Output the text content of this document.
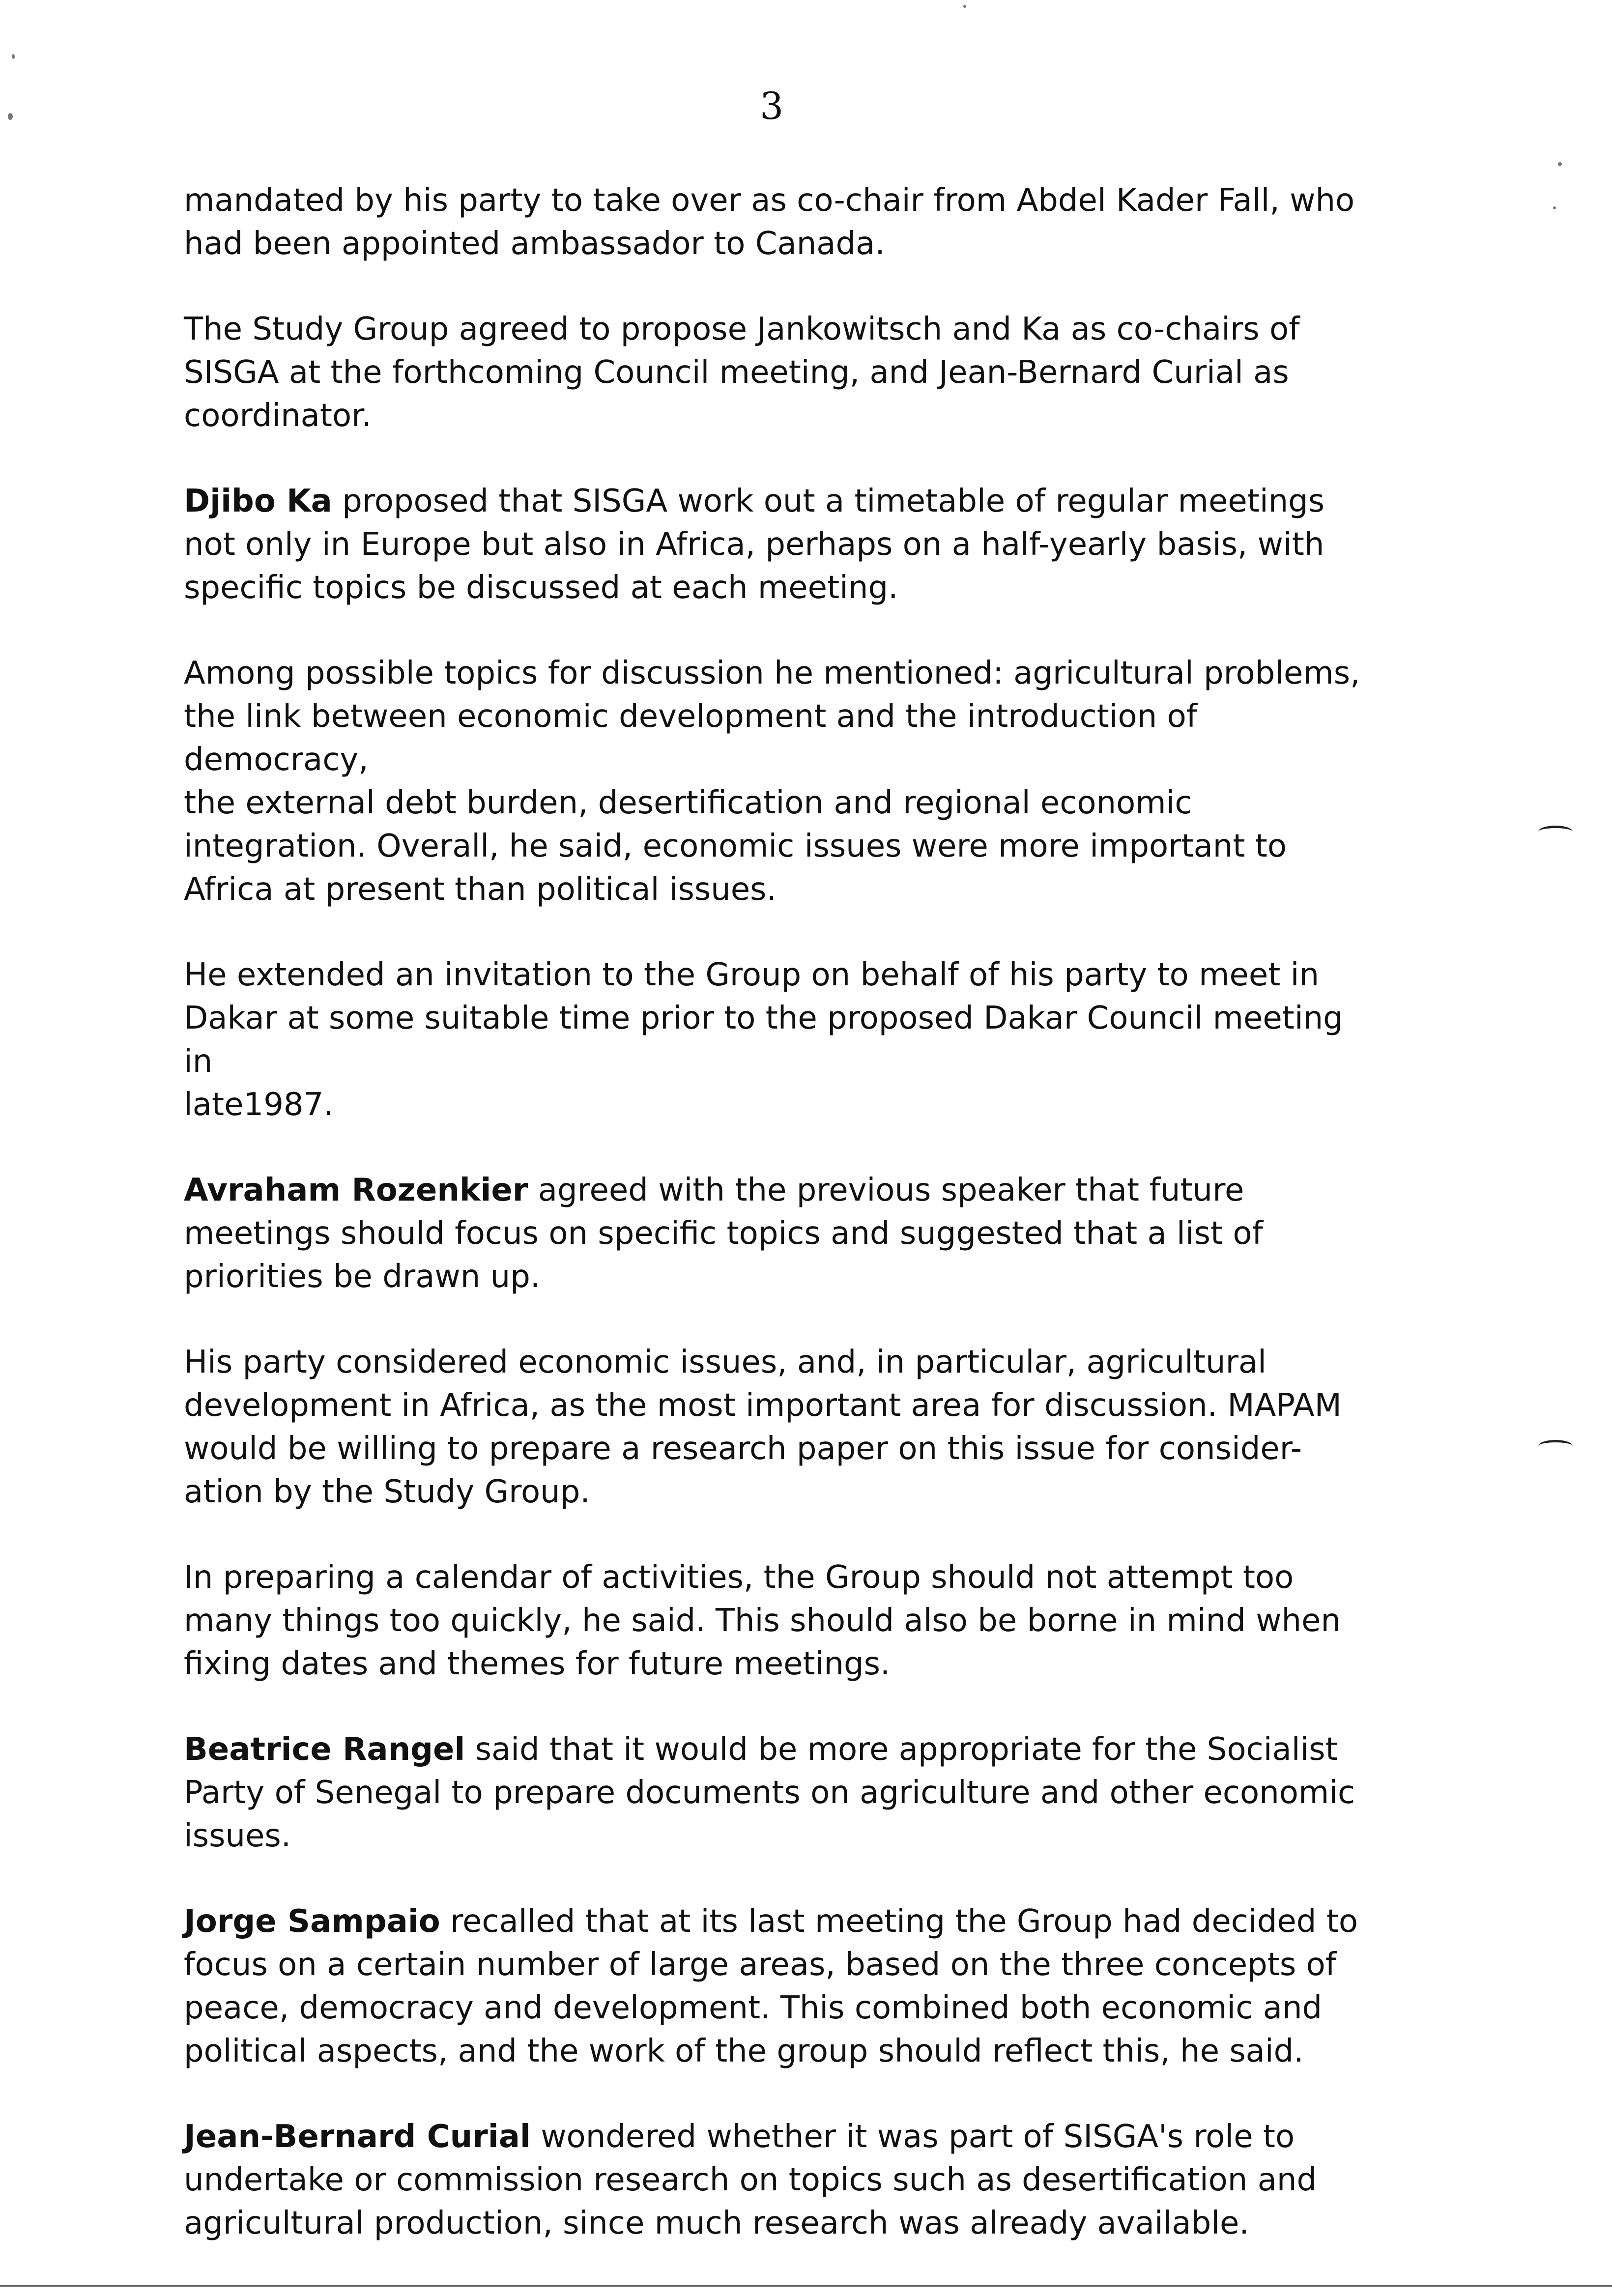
3

mandated by his party to take over as co-chair from Abdel Kader Fall, who
had been appointed ambassador to Canada.

The Study Group agreed to propose Jankowitsch and Ka as co-chairs of
SISGA at the forthcoming Council meeting, and Jean-Bernard Curial as
coordinator.

Djibo Ka proposed that SISGA work out a timetable of regular meetings
not only in Europe but also in Africa, perhaps on a half-yearly basis, with
specific topics be discussed at each meeting.

Among possible topics for discussion he mentioned: agricultural problems,
the link between economic development and the introduction of democracy,
the external debt burden, desertification and regional economic
integration. Overall, he said, economic issues were more important to
Africa at present than political issues.

He extended an invitation to the Group on behalf of his party to meet in
Dakar at some suitable time prior to the proposed Dakar Council meeting in
late1987.

Avraham Rozenkier agreed with the previous speaker that future
meetings should focus on specific topics and suggested that a list of
priorities be drawn up.

His party considered economic issues, and, in particular, agricultural
development in Africa, as the most important area for discussion. MAPAM
would be willing to prepare a research paper on this issue for consider-
ation by the Study Group.

In preparing a calendar of activities, the Group should not attempt too
many things too quickly, he said. This should also be borne in mind when
fixing dates and themes for future meetings.

Beatrice Rangel said that it would be more appropriate for the Socialist
Party of Senegal to prepare documents on agriculture and other economic
issues.

Jorge Sampaio recalled that at its last meeting the Group had decided to
focus on a certain number of large areas, based on the three concepts of
peace, democracy and development. This combined both economic and
political aspects, and the work of the group should reflect this, he said.

Jean-Bernard Curial wondered whether it was part of SISGA's role to
undertake or commission research on topics such as desertification and
agricultural production, since much research was already available.
